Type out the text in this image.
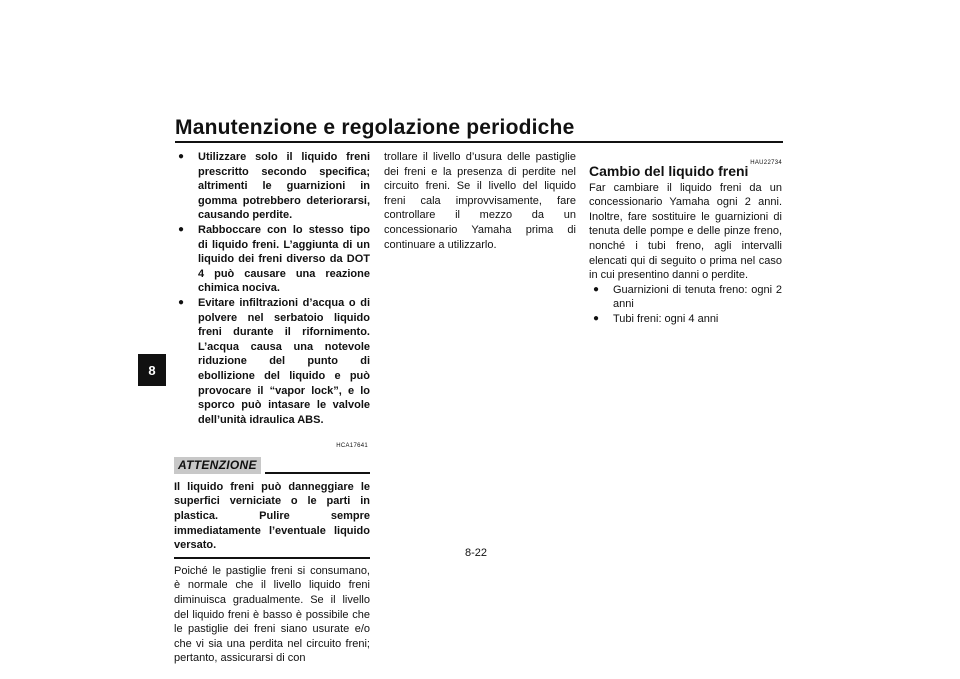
Manutenzione e regolazione periodiche
8
● Utilizzare solo il liquido freni prescritto secondo specifica; altrimenti le guarnizioni in gomma potrebbero deteriorarsi, causando perdite.
● Rabboccare con lo stesso tipo di liquido freni. L’aggiunta di un liquido dei freni diverso da DOT 4 può causare una reazione chimica nociva.
● Evitare infiltrazioni d’acqua o di polvere nel serbatoio liquido freni durante il rifornimento. L’acqua causa una notevole riduzione del punto di ebollizione del liquido e può provocare il “vapor lock”, e lo sporco può intasare le valvole dell’unità idraulica ABS.
HCA17641
ATTENZIONE

Il liquido freni può danneggiare le superfici verniciate o le parti in plastica. Pulire sempre immediatamente l’eventuale liquido versato.

Poiché le pastiglie freni si consumano, è normale che il livello liquido freni diminuisca gradualmente. Se il livello del liquido freni è basso è possibile che le pastiglie dei freni siano usurate e/o che vi sia una perdita nel circuito freni; pertanto, assicurarsi di con

trollare il livello d’usura delle pastiglie dei freni e la presenza di perdite nel circuito freni. Se il livello del liquido freni cala improvvisamente, fare controllare il mezzo da un concessionario Yamaha prima di continuare a utilizzarlo.

HAU22734
Cambio del liquido freni

Far cambiare il liquido freni da un concessionario Yamaha ogni 2 anni. Inoltre, fare sostituire le guarnizioni di tenuta delle pompe e delle pinze freno, nonché i tubi freno, agli intervalli elencati qui di seguito o prima nel caso in cui presentino danni o perdite.

● Guarnizioni di tenuta freno: ogni 2 anni
● Tubi freni: ogni 4 anni
8-22
